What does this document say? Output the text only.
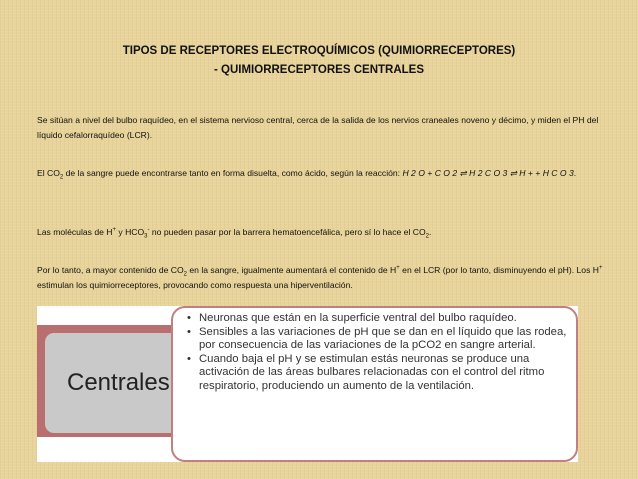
TIPOS DE RECEPTORES ELECTROQUÍMICOS (QUIMIORRECEPTORES)
- QUIMIORRECEPTORES CENTRALES
Se sitúan a nivel del bulbo raquídeo, en el sistema nervioso central, cerca de la salida de los nervios craneales noveno y décimo, y miden el PH del líquido cefalorraquídeo (LCR).
El $CO_2$ de la sangre puede encontrarse tanto en forma disuelta, como ácido, según la reacción: H 2 O + C O 2 ⇌ H 2 C O 3 ⇌ H + + H C O 3.
Las moléculas de H+ y $HCO_3^-$ no pueden pasar por la barrera hematoencefálica, pero sí lo hace el $CO_2$.
Por lo tanto, a mayor contenido de $CO_2$ en la sangre, igualmente aumentará el contenido de H+ en el LCR (por lo tanto, disminuyendo el pH). Los H+ estimulan los quimiorreceptores, provocando como respuesta una hiperventilación.
Centrales
• Neuronas que están en la superficie ventral del bulbo raquídeo.
• Sensibles a las variaciones de pH que se dan en el líquido que las rodea, por consecuencia de las variaciones de la pCO2 en sangre arterial.
• Cuando baja el pH y se estimulan estás neuronas se produce una activación de las áreas bulbares relacionadas con el control del ritmo respiratorio, produciendo un aumento de la ventilación.
